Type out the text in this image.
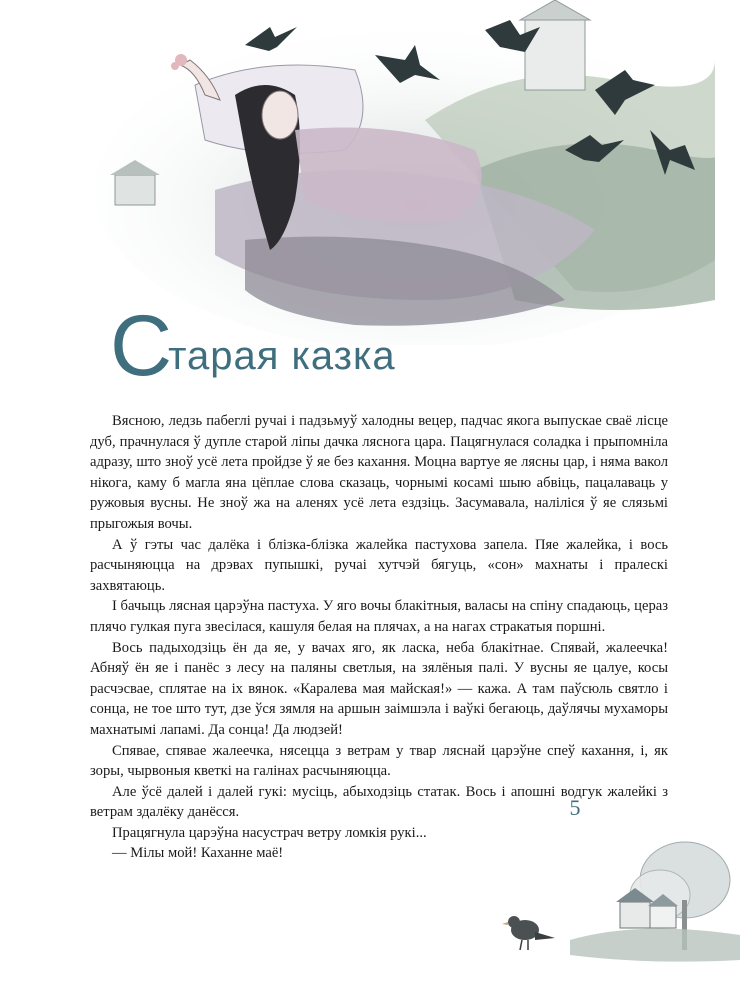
Старая казка

Вясною, ледзь пабеглі ручаі і падзьмуў халодны вецер, падчас якога выпускае сваё лісце дуб, прачнулася ў дупле старой ліпы дачка ляснога цара. Пацягнулася соладка і прыпомніла адразу, што зноў усё лета пройдзе ў яе без кахання. Моцна вартуе яе лясны цар, і няма вакол нікога, каму б магла яна цёплае слова сказаць, чорнымі косамі шыю абвіць, пацалаваць у ружовыя вусны. Не зноў жа на аленях усё лета ездзіць. Засумавала, наліліся ў яе слязьмі прыгожыя вочы.

А ў гэты час далёка і блізка-блізка жалейка пастухова запела. Пяе жалейка, і вось расчыняюцца на дрэвах пупышкі, ручаі хутчэй бягуць, «сон» махнаты і пралескі захвятаюць.

І бачыць лясная царэўна пастуха. У яго вочы блакітныя, валасы на спіну спадаюць, цераз плячо гулкая пуга звесілася, кашуля белая на плячах, а на нагах стракатыя поршні.

Вось падыходзіць ён да яе, у вачах яго, як ласка, неба блакітнае. Спявай, жалеечка! Абняў ён яе і панёс з лесу на паляны светлыя, на зялёныя палі. У вусны яе цалуе, косы расчэсвае, сплятае на іх вянок. «Каралева мая майская!» — кажа. А там паўсюль святло і сонца, не тое што тут, дзе ўся зямля на аршын заімшэла і ваўкі бегаюць, даўлячы мухаморы махнатымі лапамі. Да сонца! Да людзей!

Спявае, спявае жалеечка, нясецца з ветрам у твар ляснай царэўне спеў кахання, і, як зоры, чырвоныя кветкі на галінах расчыняюцца.

Але ўсё далей і далей гукі: мусіць, абыходзіць статак. Вось і апошні водгук жалейкі з ветрам здалёку данёсся.

Працягнула царэўна насустрач ветру ломкія рукі...

— Мілы мой! Каханне маё!

5
